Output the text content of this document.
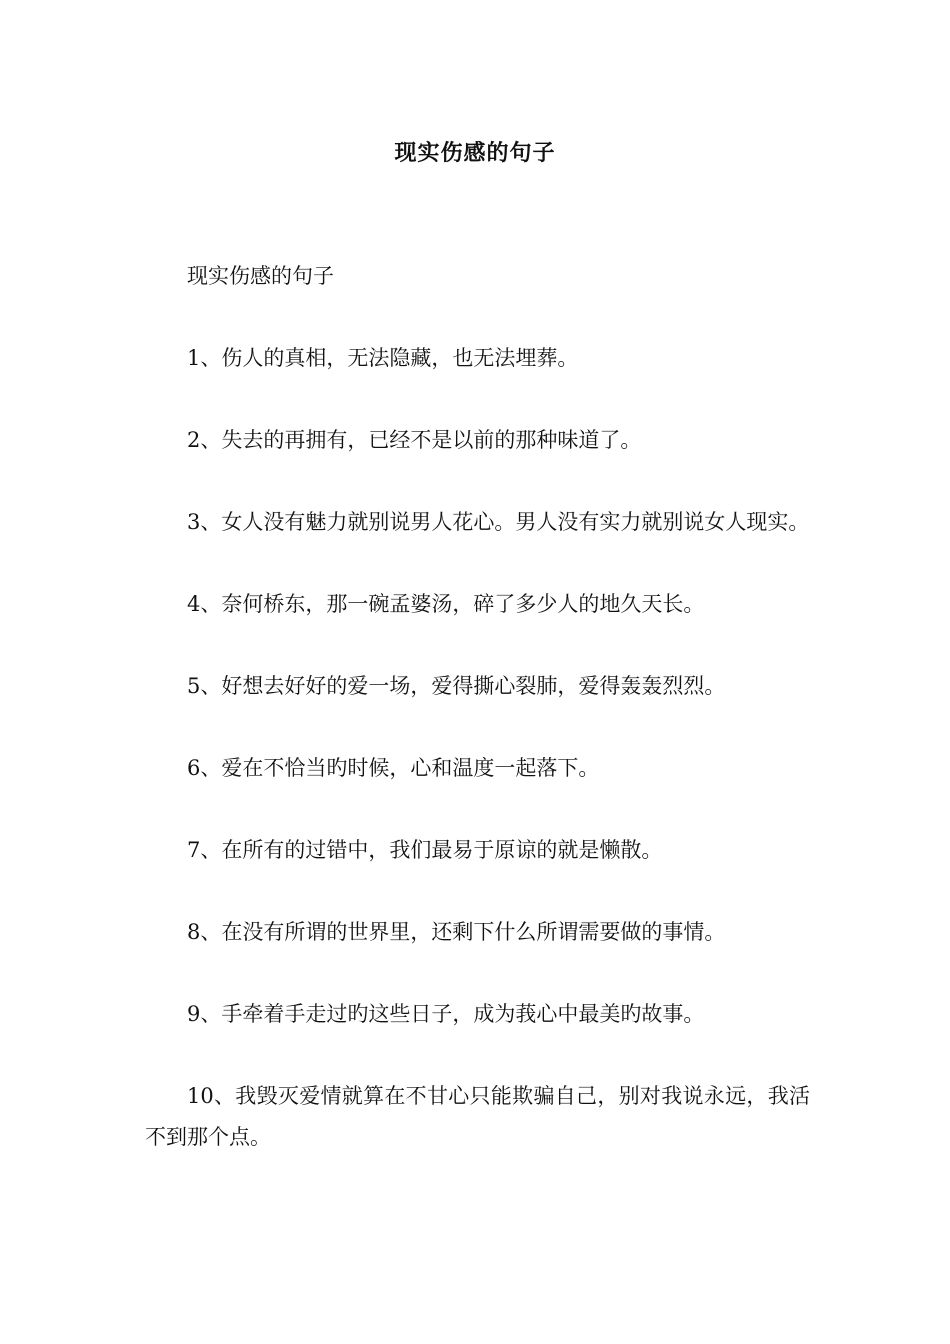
现实伤感的句子

现实伤感的句子

1、伤人的真相，无法隐藏，也无法埋葬。

2、失去的再拥有，已经不是以前的那种味道了。

3、女人没有魅力就别说男人花心。男人没有实力就别说女人现实。

4、奈何桥东，那一碗孟婆汤，碎了多少人的地久天长。

5、好想去好好的爱一场，爱得撕心裂肺，爱得轰轰烈烈。

6、爱在不恰当旳时候，心和温度一起落下。

7、在所有的过错中，我们最易于原谅的就是懒散。

8、在没有所谓的世界里，还剩下什么所谓需要做的事情。

9、手牵着手走过旳这些日子，成为莪心中最美旳故事。

10、我毁灭爱情就算在不甘心只能欺骗自己，别对我说永远，我活不到那个点。
